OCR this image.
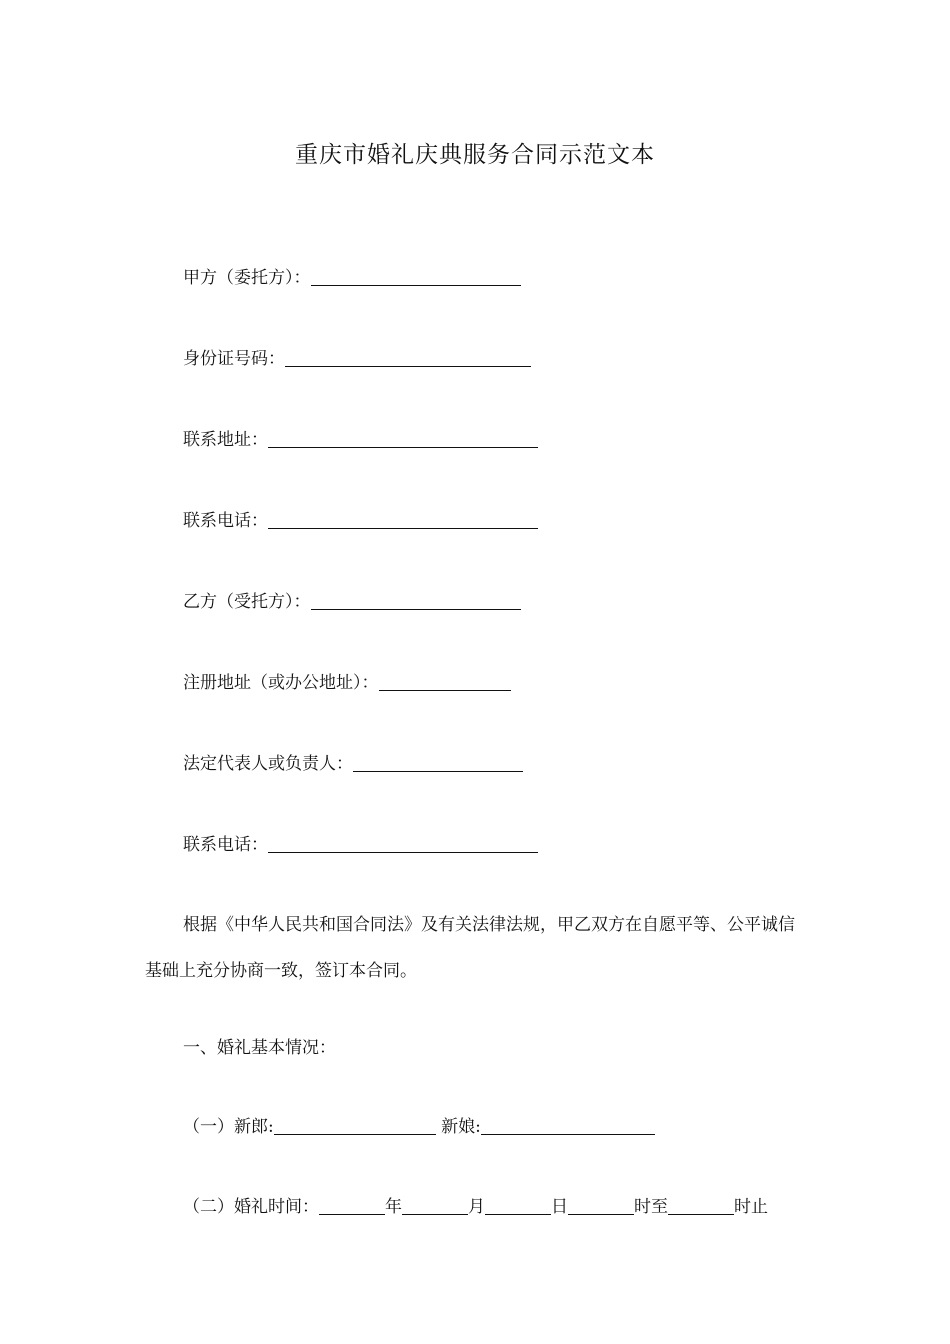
重庆市婚礼庆典服务合同示范文本
甲方（委托方）：
身份证号码：
联系地址：
联系电话：
乙方（受托方）：
注册地址（或办公地址）：
法定代表人或负责人：
联系电话：
根据《中华人民共和国合同法》及有关法律法规，甲乙双方在自愿平等、公平诚信基础上充分协商一致，签订本合同。
一、婚礼基本情况：
（一）新郎:	新娘:
（二）婚礼时间：	年	月	日	时至	时止
